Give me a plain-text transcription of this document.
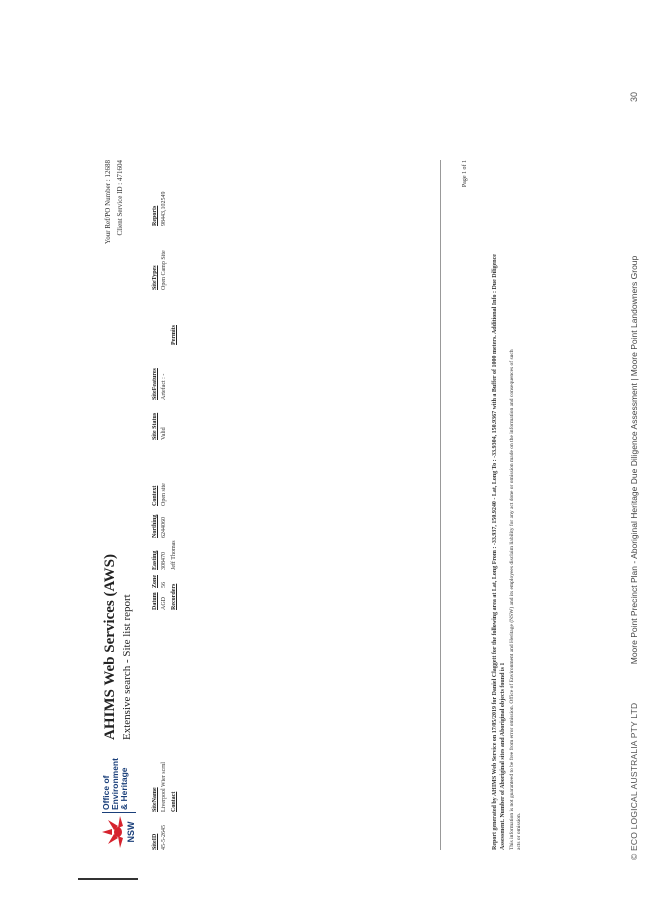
Moore Point Precinct Plan - Aboriginal Heritage Due Diligence Assessment | Moore Point Landowners Group
30
© ECO LOGICAL AUSTRALIA PTY LTD
NSW
Office of Environment & Heritage
AHIMS Web Services (AWS) Extensive search - Site list report
Your Ref/PO Number : 12688 Client Service ID : 471604
SiteID
SiteName
Datum
Zone
Easting
Northing
Context
Site Status
SiteFeatures
SiteTypes
Reports
45-5-2645
Liverpool Wier scrnl
AGD
56
308470
6244060
Open site
Valid
Artefact : -
Open Camp Site
98443,102549
Contact
Recorders
Jeff Thomas
Permits
Page 1 of 1
Report generated by AHIMS Web Service on 17/05/2019 for Daniel Claggett for the following area at Lat, Long From : -33.937, 150.9240 - Lat, Long To : -33.9304, 150.9367 with a Buffer of 1000 meters. Additional Info : Due Diligence Assessment. Number of Aboriginal sites and Aboriginal objects found is 1 This information is not guaranteed to be free from error omission. Office of Environment and Heritage (NSW) and its employees disclaim liability for any act done or omission made on the information and consequences of such acts or omission.
